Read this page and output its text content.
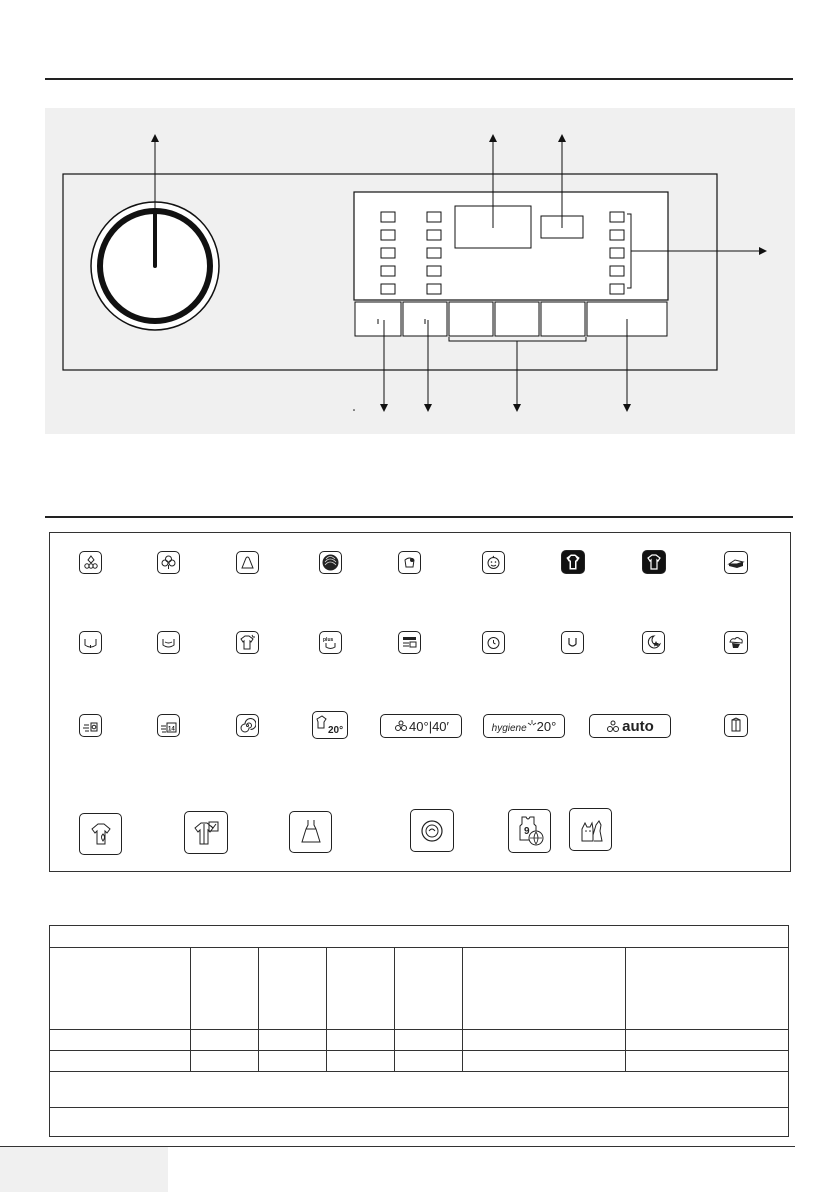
plus
14	20°	40° | 40′	hygiene 20°	auto
9
